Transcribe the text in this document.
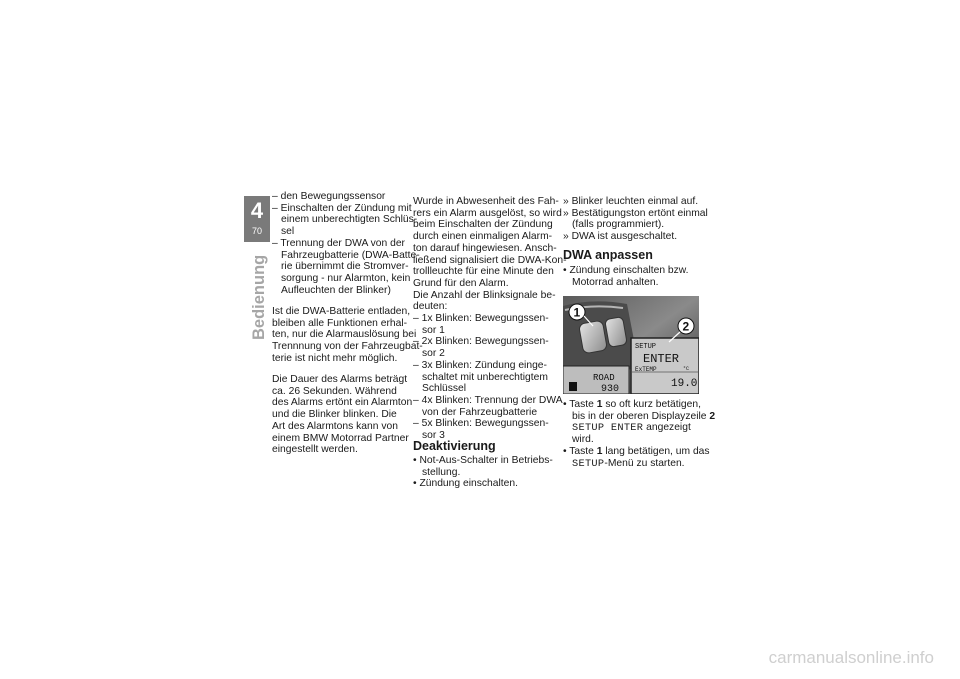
4
70
Bedienung
– den Bewegungssensor
– Einschalten der Zündung mit
einem unberechtigten Schlüs-
sel
– Trennung der DWA von der
Fahrzeugbatterie (DWA-Batte-
rie übernimmt die Stromver-
sorgung - nur Alarmton, kein
Aufleuchten der Blinker)
Ist die DWA-Batterie entladen,
bleiben alle Funktionen erhal-
ten, nur die Alarmauslösung bei
Trennnung von der Fahrzeugbat-
terie ist nicht mehr möglich.
Die Dauer des Alarms beträgt
ca. 26 Sekunden. Während
des Alarms ertönt ein Alarmton
und die Blinker blinken. Die
Art des Alarmtons kann von
einem BMW Motorrad Partner
eingestellt werden.
Wurde in Abwesenheit des Fah-
rers ein Alarm ausgelöst, so wird
beim Einschalten der Zündung
durch einen einmaligen Alarm-
ton darauf hingewiesen. Ansch-
ließend signalisiert die DWA-Kon-
trollleuchte für eine Minute den
Grund für den Alarm.
Die Anzahl der Blinksignale be-
deuten:
– 1x Blinken: Bewegungssen-
sor 1
– 2x Blinken: Bewegungssen-
sor 2
– 3x Blinken: Zündung einge-
schaltet mit unberechtigtem
Schlüssel
– 4x Blinken: Trennung der DWA
von der Fahrzeugbatterie
– 5x Blinken: Bewegungssen-
sor 3
Deaktivierung
• Not-Aus-Schalter in Betriebs-
stellung.
• Zündung einschalten.
» Blinker leuchten einmal auf.
» Bestätigungston ertönt einmal
(falls programmiert).
» DWA ist ausgeschaltet.
DWA anpassen
• Zündung einschalten bzw.
Motorrad anhalten.
• Taste 1 so oft kurz betätigen,
bis in der oberen Displayzeile 2
SETUP ENTER angezeigt
wird.
• Taste 1 lang betätigen, um das
SETUP-Menü zu starten.
SETUP
ENTER
ExTEMP	°C
19.0
ROAD
930
1
2
carmanualsonline.info
